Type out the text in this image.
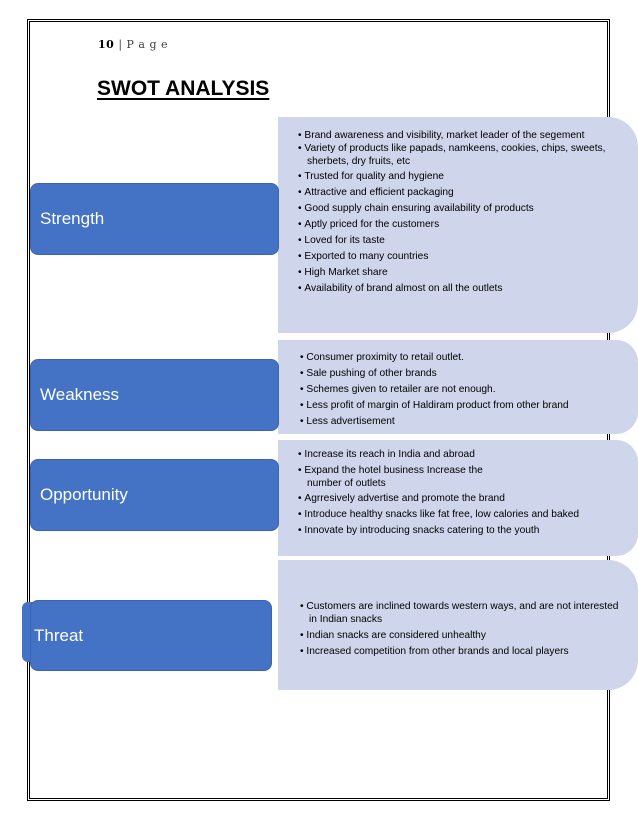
10 | P a g e
SWOT ANALYSIS
• Brand awareness and visibility, market leader of the segement
• Variety of products like papads, namkeens, cookies, chips, sweets, sherbets, dry fruits, etc
• Trusted for quality and hygiene
• Attractive and efficient packaging
• Good supply chain ensuring availability of products
• Aptly priced for the customers
• Loved for its taste
• Exported to many countries
• High Market share
• Availability of brand almost on all the outlets
Strength
• Consumer proximity to retail outlet.
• Sale pushing of other brands
• Schemes given to retailer are not enough.
• Less profit of margin of Haldiram product from other brand
• Less advertisement
Weakness
• Increase its reach in India and abroad
• Expand the hotel business Increase the number of outlets
• Agrresively advertise and promote the brand
• Introduce healthy snacks like fat free, low calories and baked
• Innovate by introducing snacks catering to the youth
Opportunity
• Customers are inclined towards western ways, and are not interested in Indian snacks
• Indian snacks are considered unhealthy
• Increased competition from other brands and local players
Threat
